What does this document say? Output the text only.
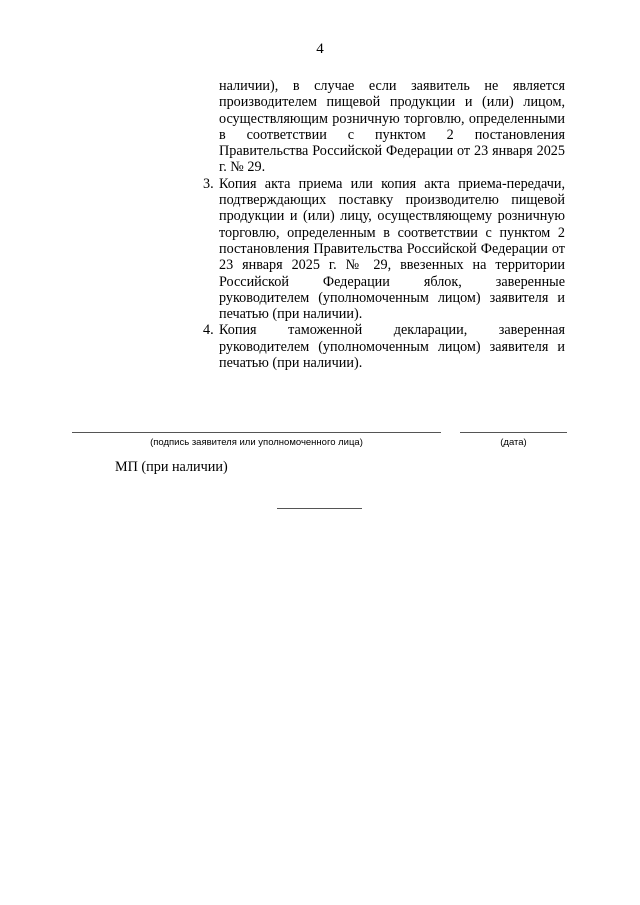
4
наличии), в случае если заявитель не является производителем пищевой продукции и (или) лицом, осуществляющим розничную торговлю, определенными в соответствии с пунктом 2 постановления Правительства Российской Федерации от 23 января 2025 г. № 29.
3. Копия акта приема или копия акта приема-передачи, подтверждающих поставку производителю пищевой продукции и (или) лицу, осуществляющему розничную торговлю, определенным в соответствии с пунктом 2 постановления Правительства Российской Федерации от 23 января 2025 г. № 29, ввезенных на территории Российской Федерации яблок, заверенные руководителем (уполномоченным лицом) заявителя и печатью (при наличии).
4. Копия таможенной декларации, заверенная руководителем (уполномоченным лицом) заявителя и печатью (при наличии).
(подпись заявителя или уполномоченного лица)	(дата)
МП (при наличии)
